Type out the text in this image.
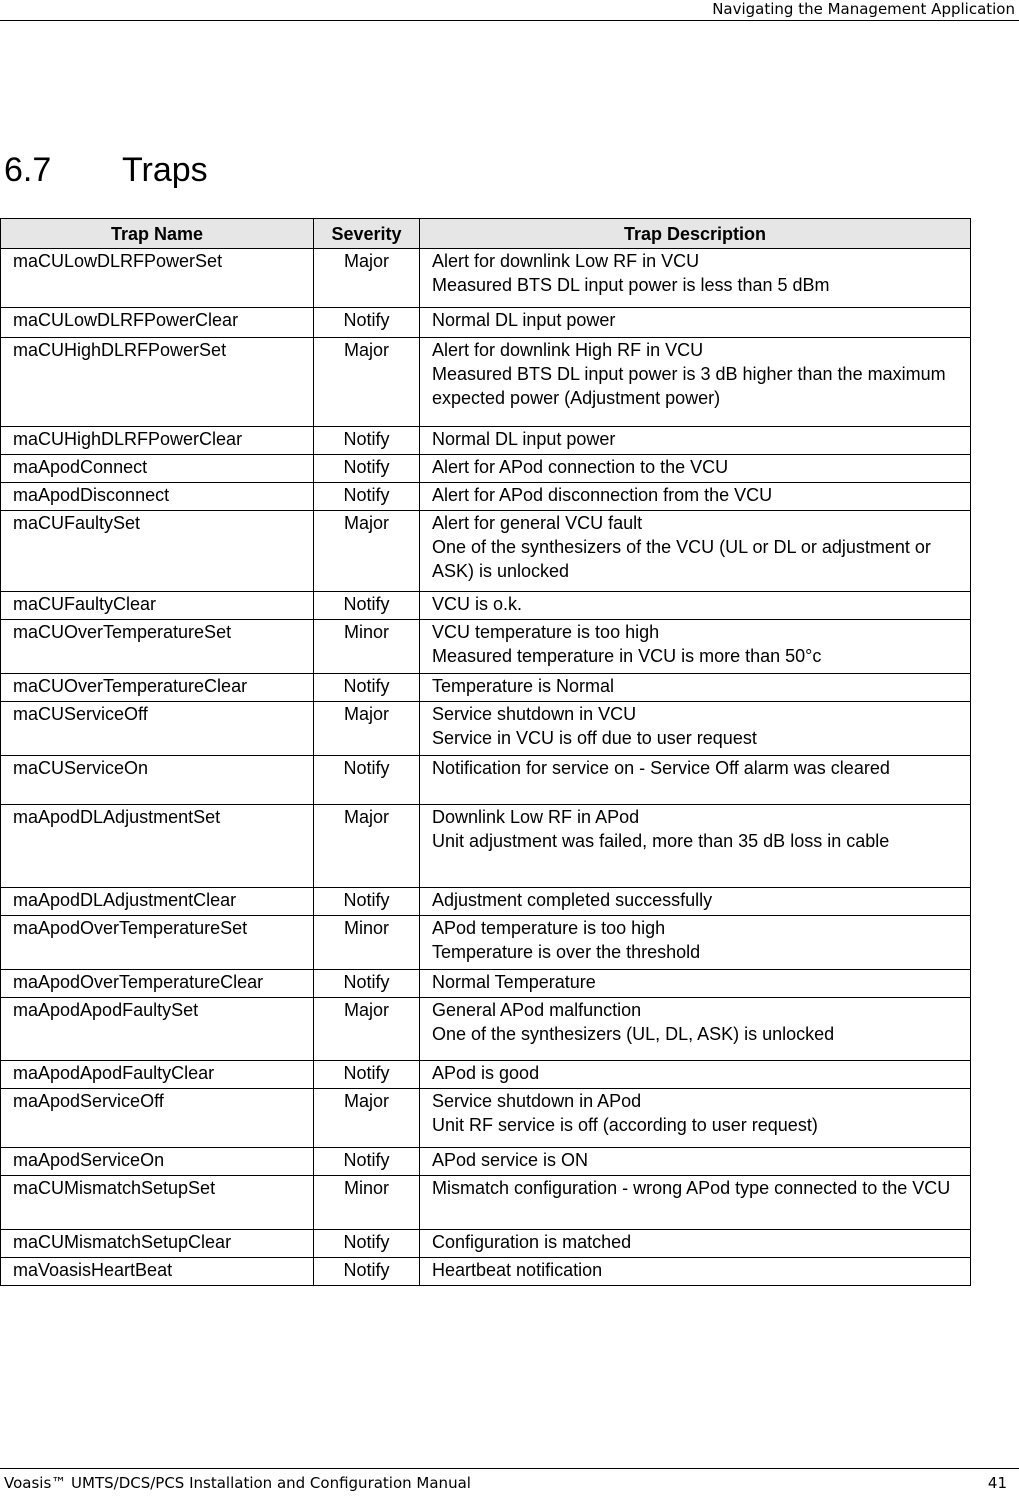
Navigating the Management Application
6.7 Traps
Trap Name	Severity	Trap Description
maCULowDLRFPowerSet	Major	Alert for downlink Low RF in VCU
Measured BTS DL input power is less than 5 dBm

maCULowDLRFPowerClear	Notify	Normal DL input power

maCUHighDLRFPowerSet	Major	Alert for downlink High RF in VCU
Measured BTS DL input power is 3 dB higher than the maximum expected power (Adjustment power)

maCUHighDLRFPowerClear	Notify	Normal DL input power

maApodConnect	Notify	Alert for APod connection to the VCU

maApodDisconnect	Notify	Alert for APod disconnection from the VCU

maCUFaultySet	Major	Alert for general VCU fault
One of the synthesizers of the VCU (UL or DL or adjustment or ASK) is unlocked

maCUFaultyClear	Notify	VCU is o.k.

maCUOverTemperatureSet	Minor	VCU temperature is too high
Measured temperature in VCU is more than 50°c

maCUOverTemperatureClear	Notify	Temperature is Normal

maCUServiceOff	Major	Service shutdown in VCU
Service in VCU is off due to user request

maCUServiceOn	Notify	Notification for service on - Service Off alarm was cleared

maApodDLAdjustmentSet	Major	Downlink Low RF in APod
Unit adjustment was failed, more than 35 dB loss in cable

maApodDLAdjustmentClear	Notify	Adjustment completed successfully

maApodOverTemperatureSet	Minor	APod temperature is too high
Temperature is over the threshold

maApodOverTemperatureClear	Notify	Normal Temperature

maApodApodFaultySet	Major	General APod malfunction
One of the synthesizers (UL, DL, ASK) is unlocked

maApodApodFaultyClear	Notify	APod is good

maApodServiceOff	Major	Service shutdown in APod
Unit RF service is off (according to user request)

maApodServiceOn	Notify	APod service is ON

maCUMismatchSetupSet	Minor	Mismatch configuration - wrong APod type connected to the VCU

maCUMismatchSetupClear	Notify	Configuration is matched

maVoasisHeartBeat	Notify	Heartbeat notification
Voasis™ UMTS/DCS/PCS Installation and Configuration Manual	41
